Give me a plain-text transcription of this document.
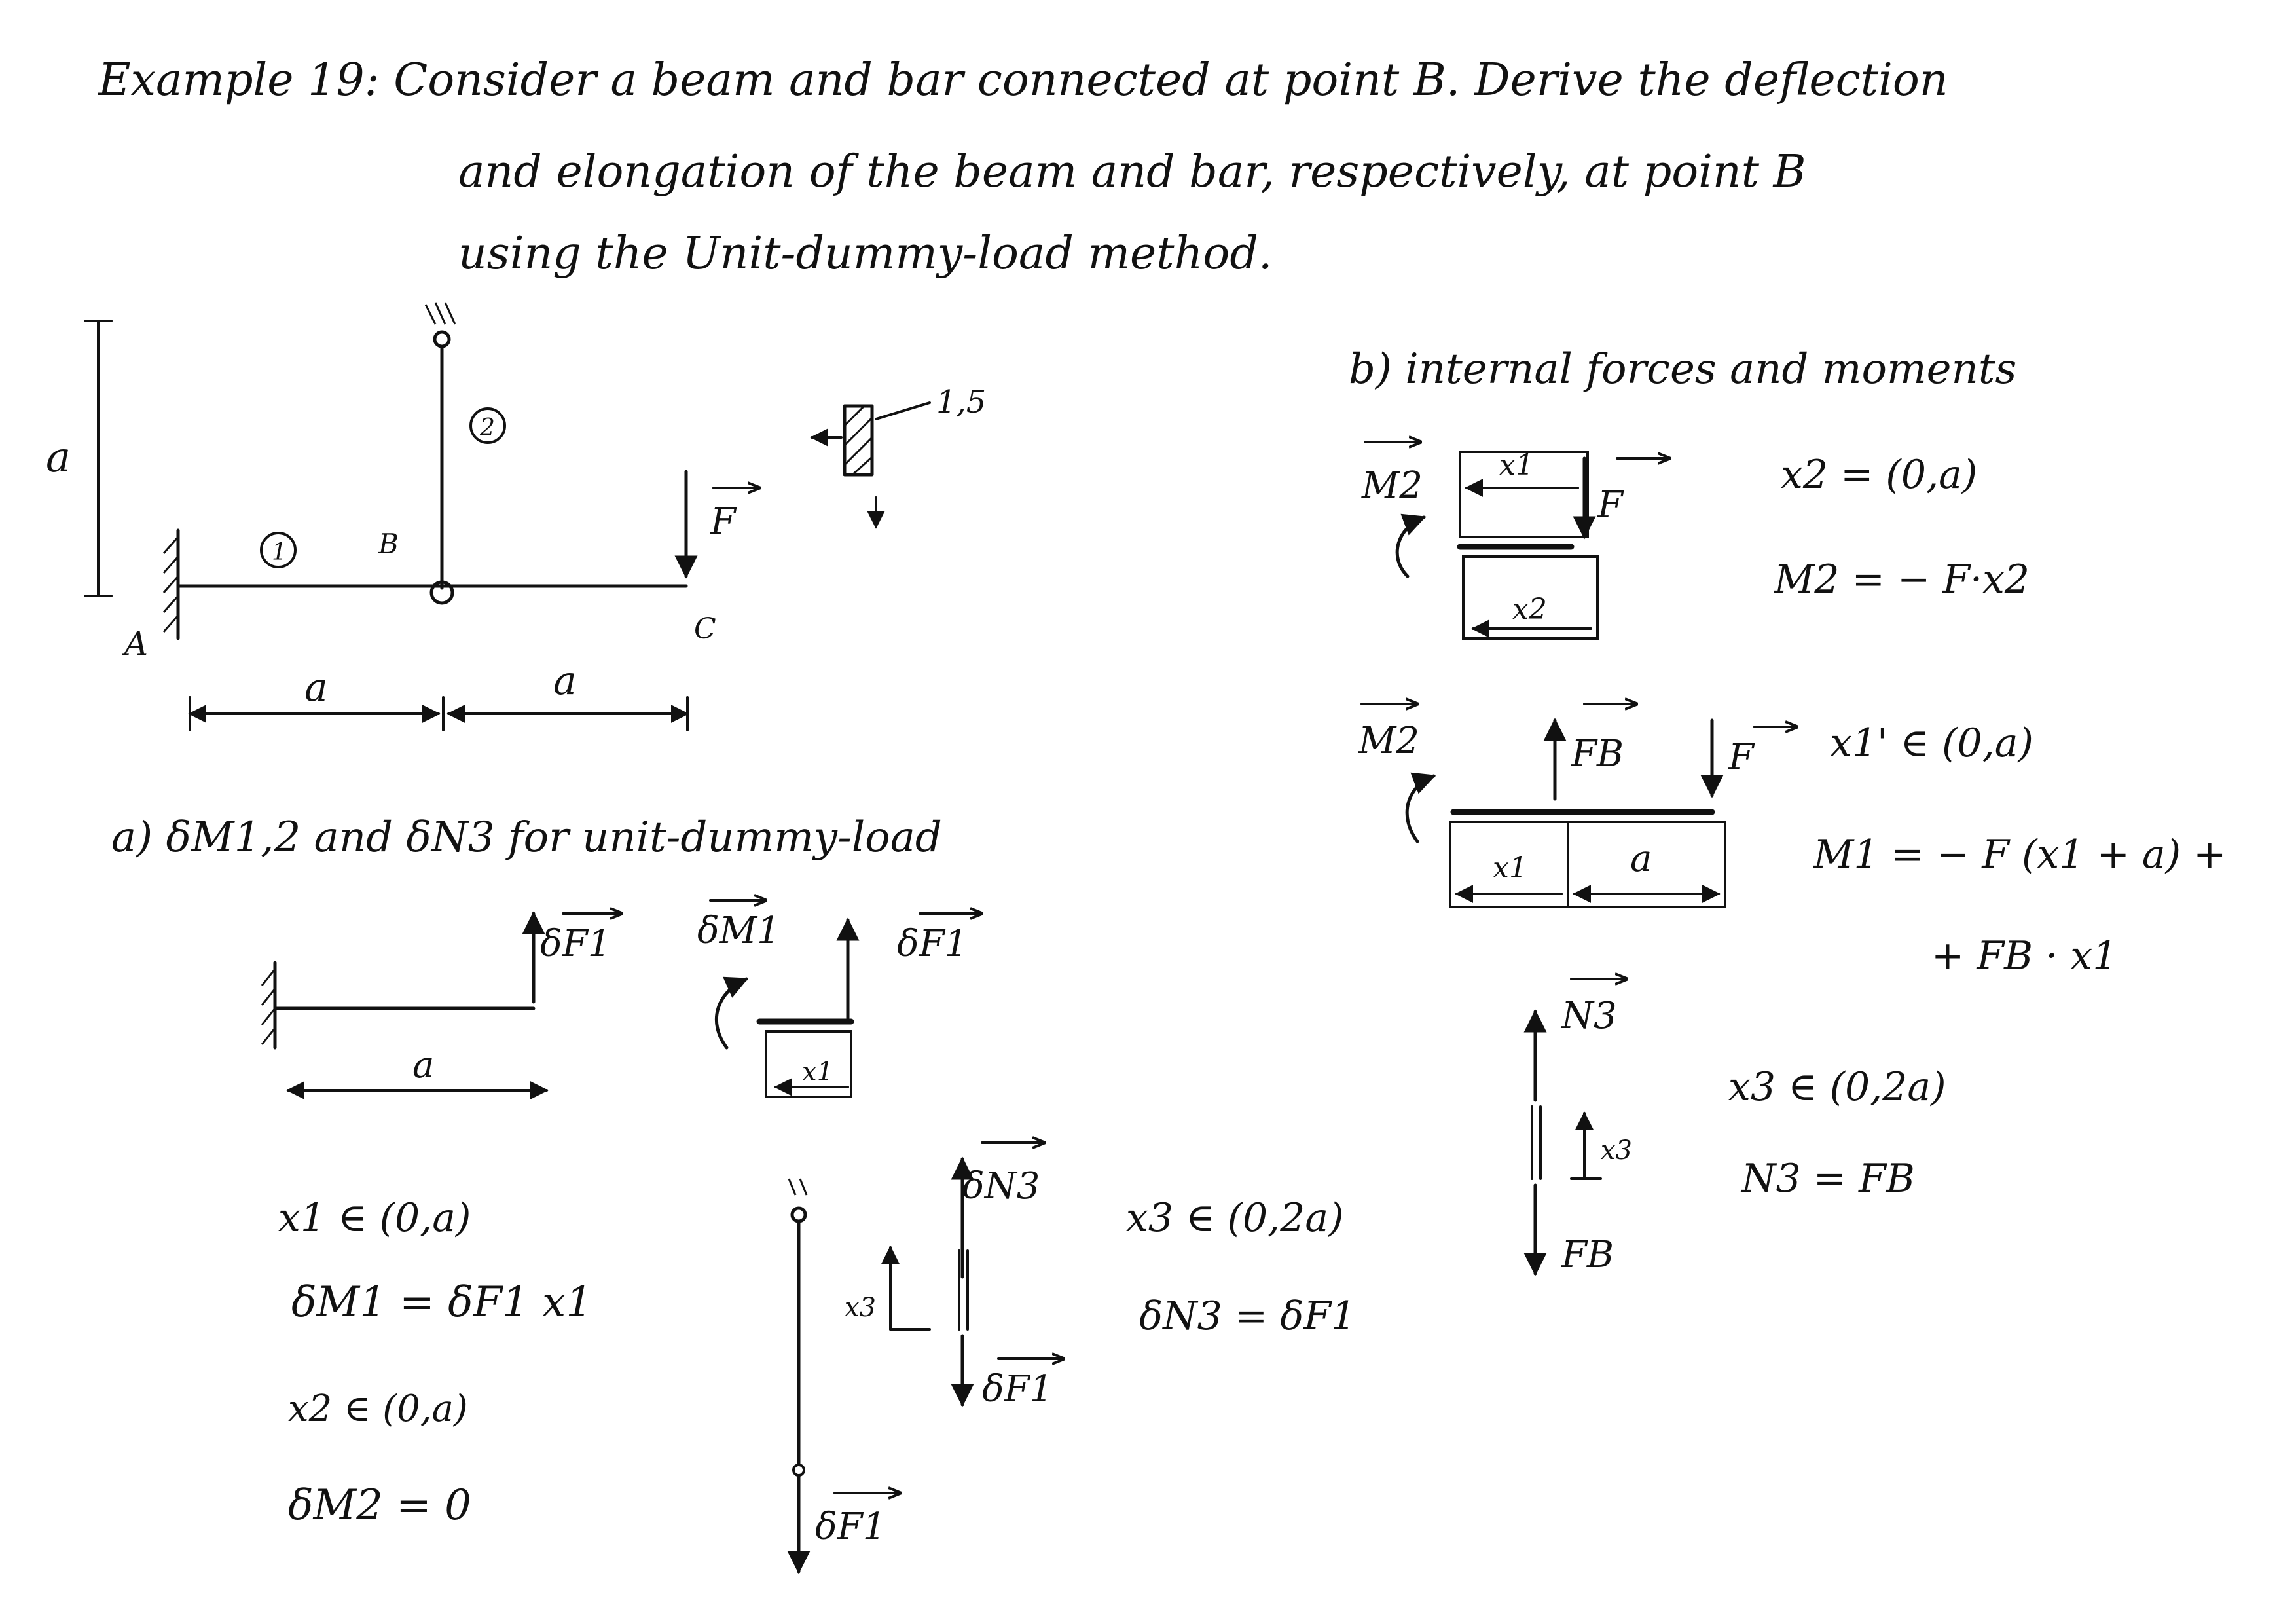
Example 19: Consider a beam and bar connected at point B. Derive the deflection
and elongation of the beam and bar, respectively, at point B
using the Unit-dummy-load method.
a
2
1
A
B
C
F
a	a
1,5
a) δM1,2 and δN3 for unit-dummy-load
δF1
a
δM1	δF1
x1
x1 ∈ (0,a)
δM1 = δF1 x1
x2 ∈ (0,a)
δM2 = 0	δF1
δN3
δF1
x3
x3 ∈ (0,2a)
δN3 = δF1
b) internal forces and moments
M2	x1
F
x2
x2 = (0,a)
M2 = − F·x2
M2	FB	F
x1	a
x1' ∈ (0,a)
M1 = − F (x1 + a) +
+ FB · x1
N3
FB
x3
x3 ∈ (0,2a)
N3 = FB
